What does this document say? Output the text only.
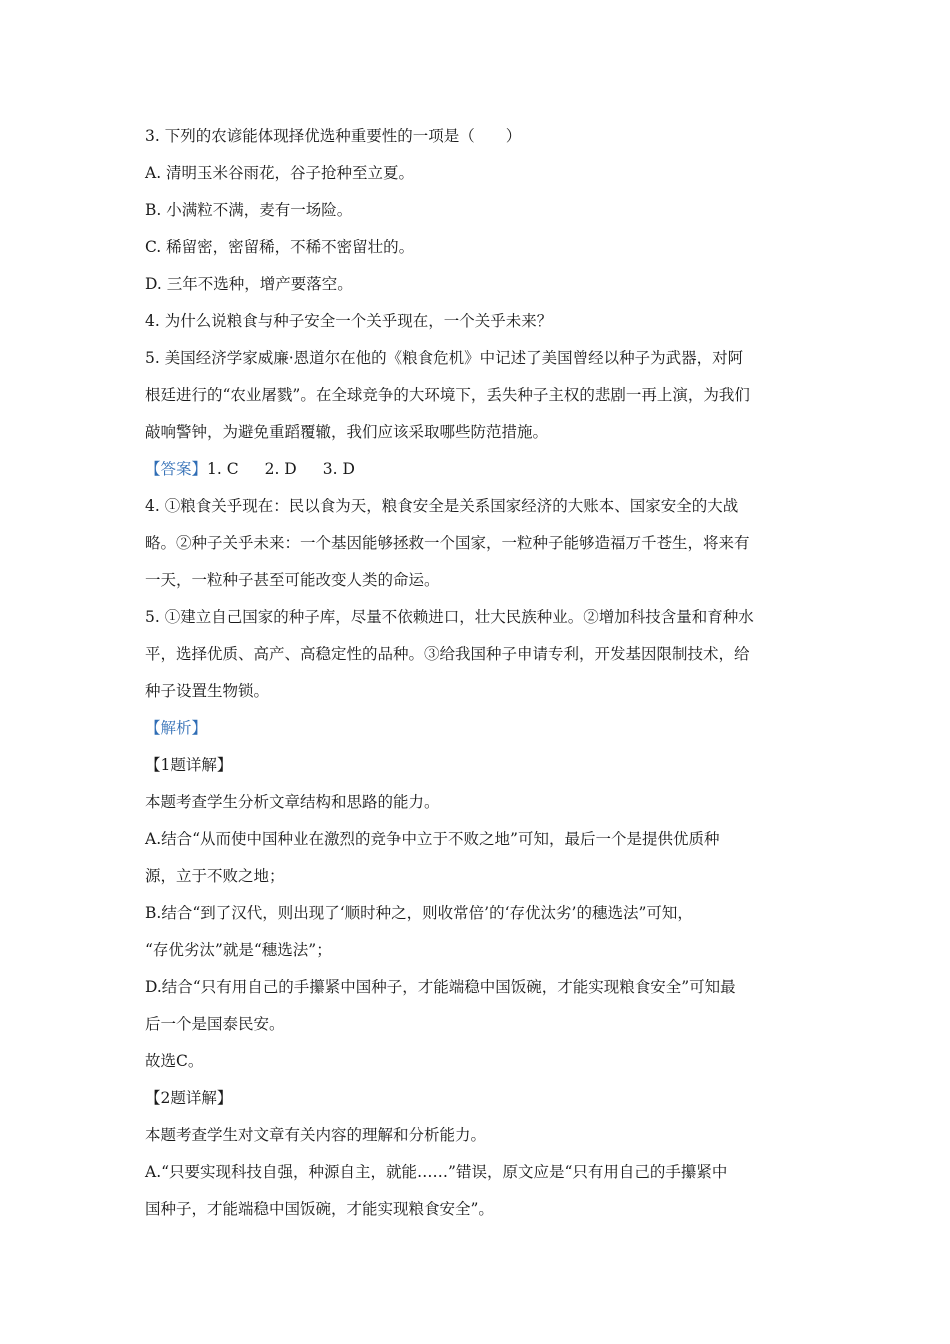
3. 下列的农谚能体现择优选种重要性的一项是（　　）

A. 清明玉米谷雨花，谷子抢种至立夏。

B. 小满粒不满，麦有一场险。

C. 稀留密，密留稀，不稀不密留壮的。

D. 三年不选种，增产要落空。

4. 为什么说粮食与种子安全一个关乎现在，一个关乎未来？

5. 美国经济学家威廉·恩道尔在他的《粮食危机》中记述了美国曾经以种子为武器，对阿

根廷进行的“农业屠戮”。在全球竞争的大环境下，丢失种子主权的悲剧一再上演，为我们

敲响警钟，为避免重蹈覆辙，我们应该采取哪些防范措施。

【答案】1. C 2. D 3. D

4. ①粮食关乎现在：民以食为天，粮食安全是关系国家经济的大账本、国家安全的大战

略。②种子关乎未来：一个基因能够拯救一个国家，一粒种子能够造福万千苍生，将来有

一天，一粒种子甚至可能改变人类的命运。

5. ①建立自己国家的种子库，尽量不依赖进口，壮大民族种业。②增加科技含量和育种水

平，选择优质、高产、高稳定性的品种。③给我国种子申请专利，开发基因限制技术，给

种子设置生物锁。

【解析】

【1题详解】

本题考查学生分析文章结构和思路的能力。

A.结合“从而使中国种业在激烈的竞争中立于不败之地”可知，最后一个是提供优质种

源，立于不败之地；

B.结合“到了汉代，则出现了‘顺时种之，则收常倍’的‘存优汰劣’的穗选法”可知，

“存优劣汰”就是“穗选法”；

D.结合“只有用自己的手攥紧中国种子，才能端稳中国饭碗，才能实现粮食安全”可知最

后一个是国泰民安。

故选C。

【2题详解】

本题考查学生对文章有关内容的理解和分析能力。

A.“只要实现科技自强，种源自主，就能……”错误，原文应是“只有用自己的手攥紧中

国种子，才能端稳中国饭碗，才能实现粮食安全”。
